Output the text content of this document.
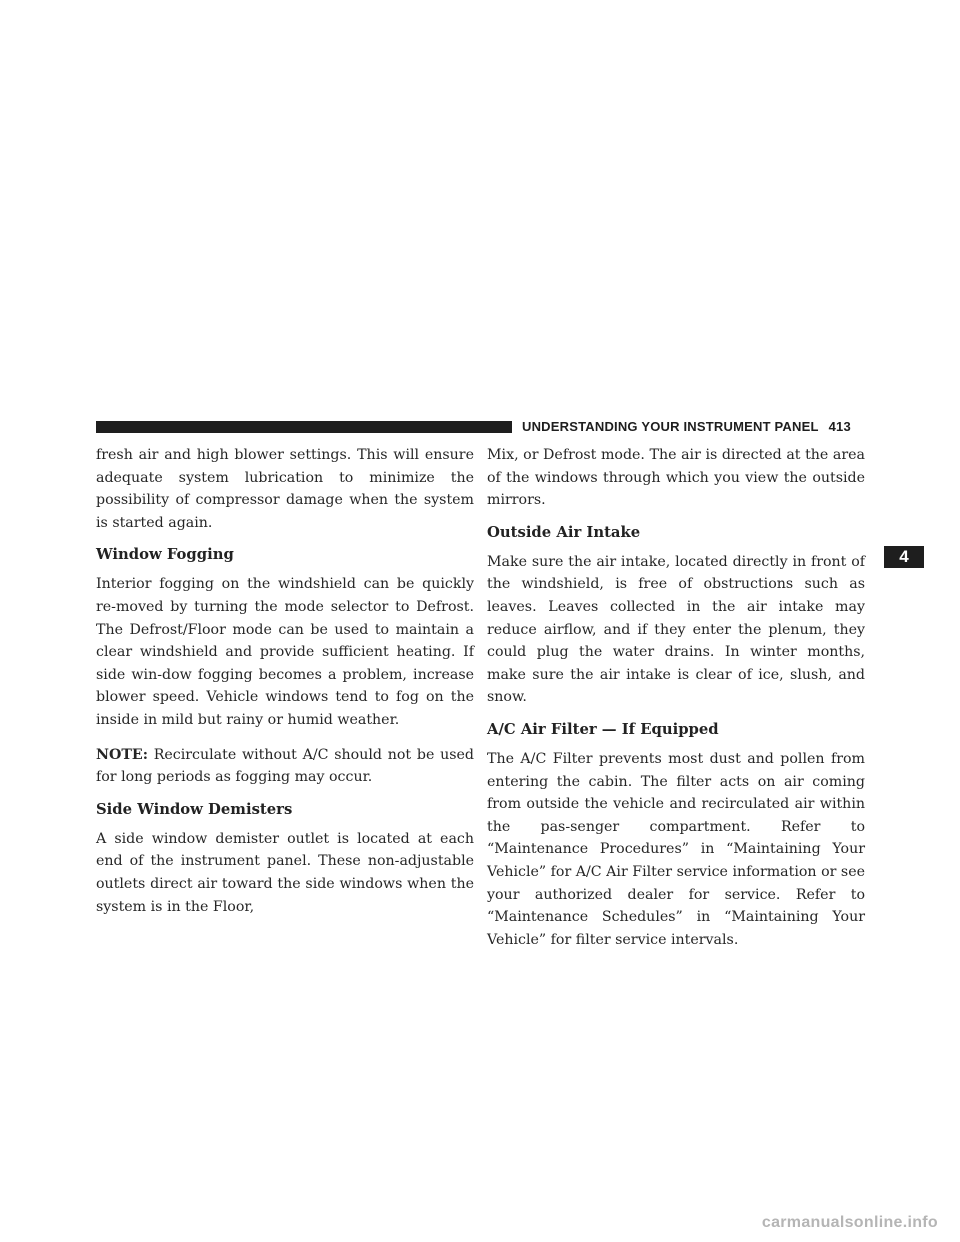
UNDERSTANDING YOUR INSTRUMENT PANEL 413

fresh air and high blower settings. This will ensure adequate system lubrication to minimize the possibility of compressor damage when the system is started again.

Window Fogging

Interior fogging on the windshield can be quickly re-moved by turning the mode selector to Defrost. The Defrost/Floor mode can be used to maintain a clear windshield and provide sufficient heating. If side win-dow fogging becomes a problem, increase blower speed. Vehicle windows tend to fog on the inside in mild but rainy or humid weather.

NOTE: Recirculate without A/C should not be used for long periods as fogging may occur.

Side Window Demisters

A side window demister outlet is located at each end of the instrument panel. These non-adjustable outlets direct air toward the side windows when the system is in the Floor,

Mix, or Defrost mode. The air is directed at the area of the windows through which you view the outside mirrors.

Outside Air Intake

Make sure the air intake, located directly in front of the windshield, is free of obstructions such as leaves. Leaves collected in the air intake may reduce airflow, and if they enter the plenum, they could plug the water drains. In winter months, make sure the air intake is clear of ice, slush, and snow.

A/C Air Filter — If Equipped

The A/C Filter prevents most dust and pollen from entering the cabin. The filter acts on air coming from outside the vehicle and recirculated air within the pas-senger compartment. Refer to “Maintenance Procedures” in “Maintaining Your Vehicle” for A/C Air Filter service information or see your authorized dealer for service. Refer to “Maintenance Schedules” in “Maintaining Your Vehicle” for filter service intervals.

4
carmanualsonline.info
